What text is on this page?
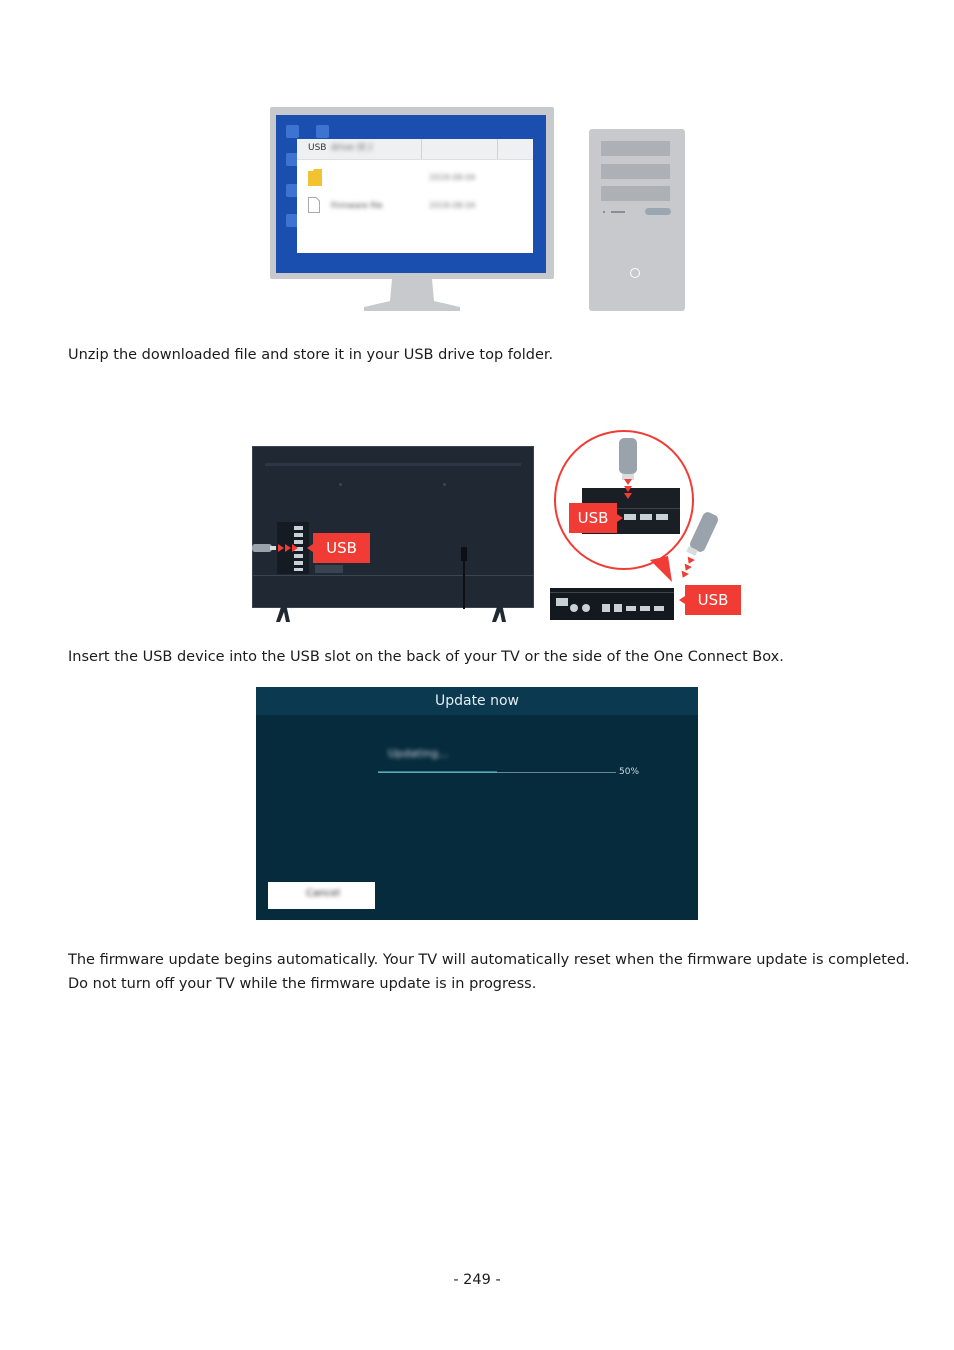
USB drive (E:)
2018-08-04
Firmware file	2018-08-04
Unzip the downloaded file and store it in your USB drive top folder.
USB
USB
USB
Insert the USB device into the USB slot on the back of your TV or the side of the One Connect Box.
Update now
Updating...
50%
Cancel
The firmware update begins automatically. Your TV will automatically reset when the firmware update is completed.
Do not turn off your TV while the firmware update is in progress.
- 249 -
